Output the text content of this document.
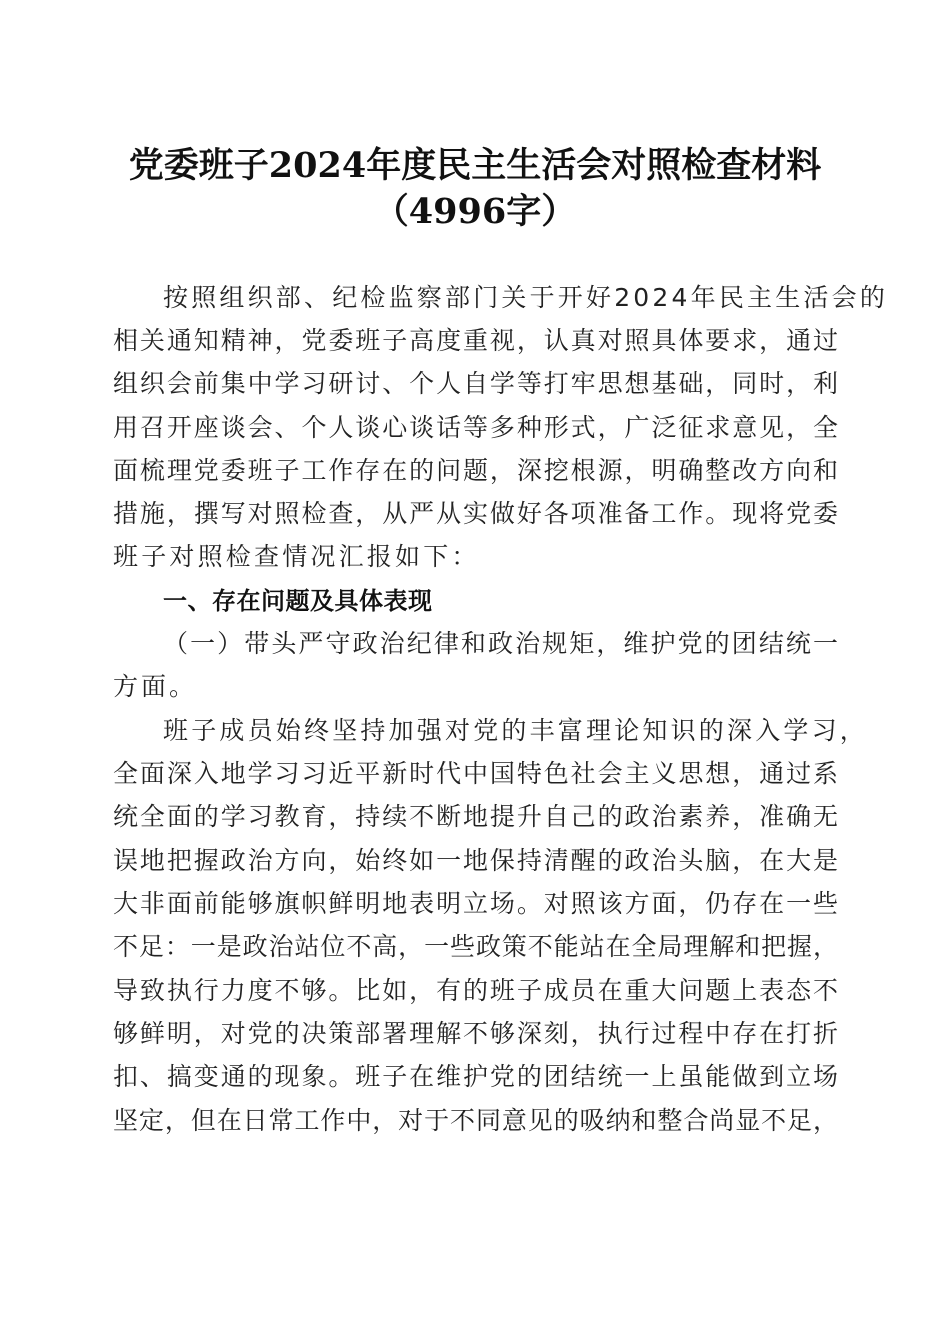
党委班子2024年度民主生活会对照检查材料
（4996字）
按照组织部、纪检监察部门关于开好2024年民主生活会的
相关通知精神，党委班子高度重视，认真对照具体要求，通过
组织会前集中学习研讨、个人自学等打牢思想基础，同时，利
用召开座谈会、个人谈心谈话等多种形式，广泛征求意见，全
面梳理党委班子工作存在的问题，深挖根源，明确整改方向和
措施，撰写对照检查，从严从实做好各项准备工作。现将党委
班子对照检查情况汇报如下：
一、存在问题及具体表现
（一）带头严守政治纪律和政治规矩，维护党的团结统一
方面。
班子成员始终坚持加强对党的丰富理论知识的深入学习，
全面深入地学习习近平新时代中国特色社会主义思想，通过系
统全面的学习教育，持续不断地提升自己的政治素养，准确无
误地把握政治方向，始终如一地保持清醒的政治头脑，在大是
大非面前能够旗帜鲜明地表明立场。对照该方面，仍存在一些
不足：一是政治站位不高，一些政策不能站在全局理解和把握，
导致执行力度不够。比如，有的班子成员在重大问题上表态不
够鲜明，对党的决策部署理解不够深刻，执行过程中存在打折
扣、搞变通的现象。班子在维护党的团结统一上虽能做到立场
坚定，但在日常工作中，对于不同意见的吸纳和整合尚显不足，
